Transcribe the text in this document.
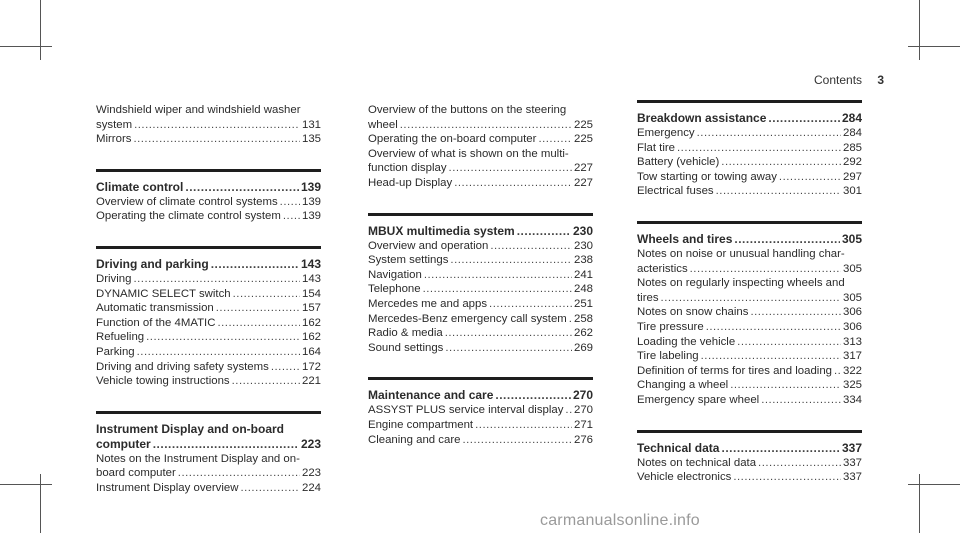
Contents 3
Windshield wiper and windshield washer
system .....	131
Mirrors .....	135
Climate control .....	139
Overview of climate control systems ..... 139
Operating the climate control system ..... 139
Driving and parking .....	143
Driving .....	143
DYNAMIC SELECT switch .....	154
Automatic transmission .....	157
Function of the 4MATIC .....	162
Refueling .....	162
Parking .....	164
Driving and driving safety systems .....	172
Vehicle towing instructions .....	221
Instrument Display and on-board
computer .....	223
Notes on the Instrument Display and on-
board computer .....	223
Instrument Display overview .....	224
Overview of the buttons on the steering
wheel .....	225
Operating the on-board computer .....	225
Overview of what is shown on the multi-
function display .....	227
Head-up Display .....	227
MBUX multimedia system .....	230
Overview and operation .....	230
System settings .....	238
Navigation .....	241
Telephone .....	248
Mercedes me and apps .....	251
Mercedes-Benz emergency call system ..... 258
Radio & media .....	262
Sound settings .....	269
Maintenance and care .....	270
ASSYST PLUS service interval display ..... 270
Engine compartment .....	271
Cleaning and care .....	276
Breakdown assistance .....	284
Emergency .....	284
Flat tire .....	285
Battery (vehicle) .....	292
Tow starting or towing away .....	297
Electrical fuses .....	301
Wheels and tires .....	305
Notes on noise or unusual handling char-
acteristics .....	305
Notes on regularly inspecting wheels and
tires .....	305
Notes on snow chains .....	306
Tire pressure .....	306
Loading the vehicle .....	313
Tire labeling .....	317
Definition of terms for tires and loading ..... 322
Changing a wheel .....	325
Emergency spare wheel .....	334
Technical data .....	337
Notes on technical data .....	337
Vehicle electronics .....	337
carmanualsonline.info
